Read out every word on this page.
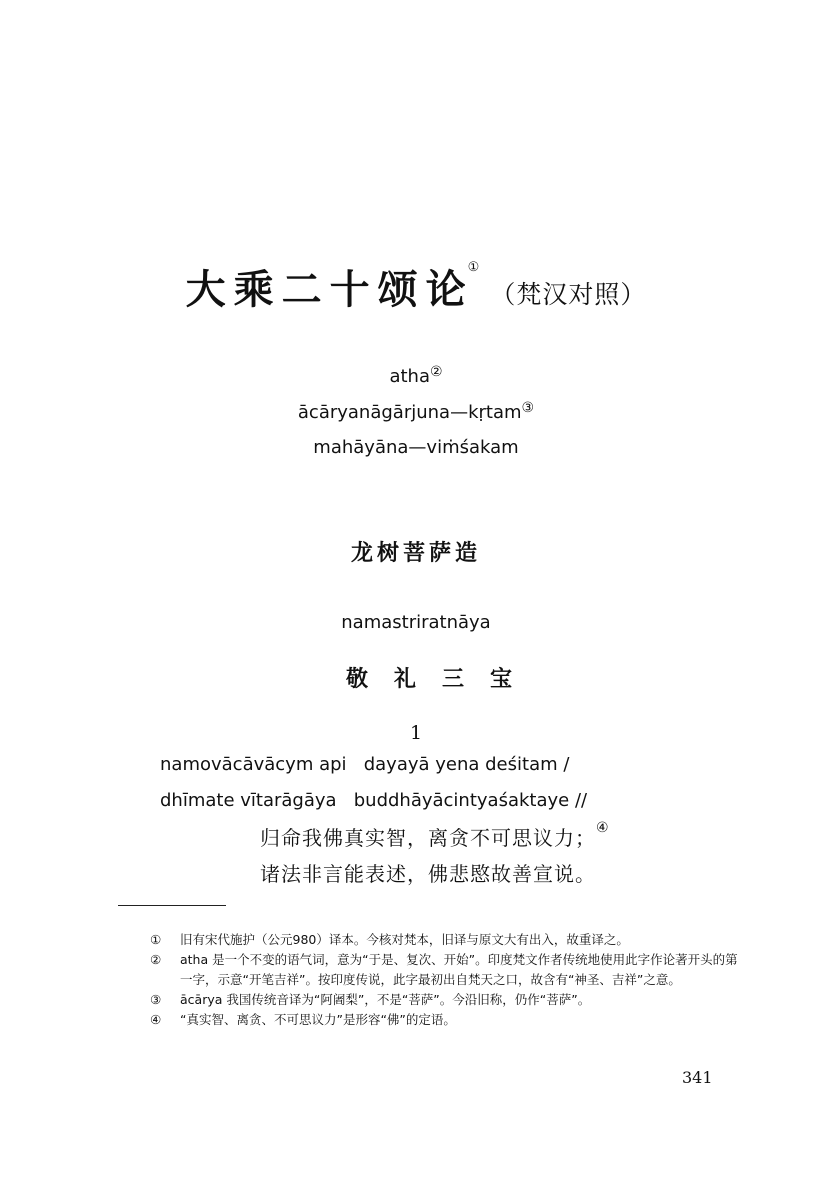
大乘二十颂论① （梵汉对照）
atha②
ācāryanāgārjuna—kṛtam③
mahāyāna—viṁśakam
龙树菩萨造
namastriratnāya
敬礼三宝
1
namovācāvācym api   dayayā yena deśitam /
dhīmate vītarāgāya   buddhāyācintyaśaktaye //
归命我佛真实智，离贪不可思议力；④
诸法非言能表述，佛悲愍故善宣说。
①	旧有宋代施护（公元980）译本。今核对梵本，旧译与原文大有出入，故重译之。
②	atha 是一个不变的语气词，意为“于是、复次、开始”。印度梵文作者传统地使用此字作论著开头的第一字，示意“开笔吉祥”。按印度传说，此字最初出自梵天之口，故含有“神圣、吉祥”之意。
③	ācārya 我国传统音译为“阿阇梨”，不是“菩萨”。今沿旧称，仍作“菩萨”。
④	“真实智、离贪、不可思议力”是形容“佛”的定语。
341
